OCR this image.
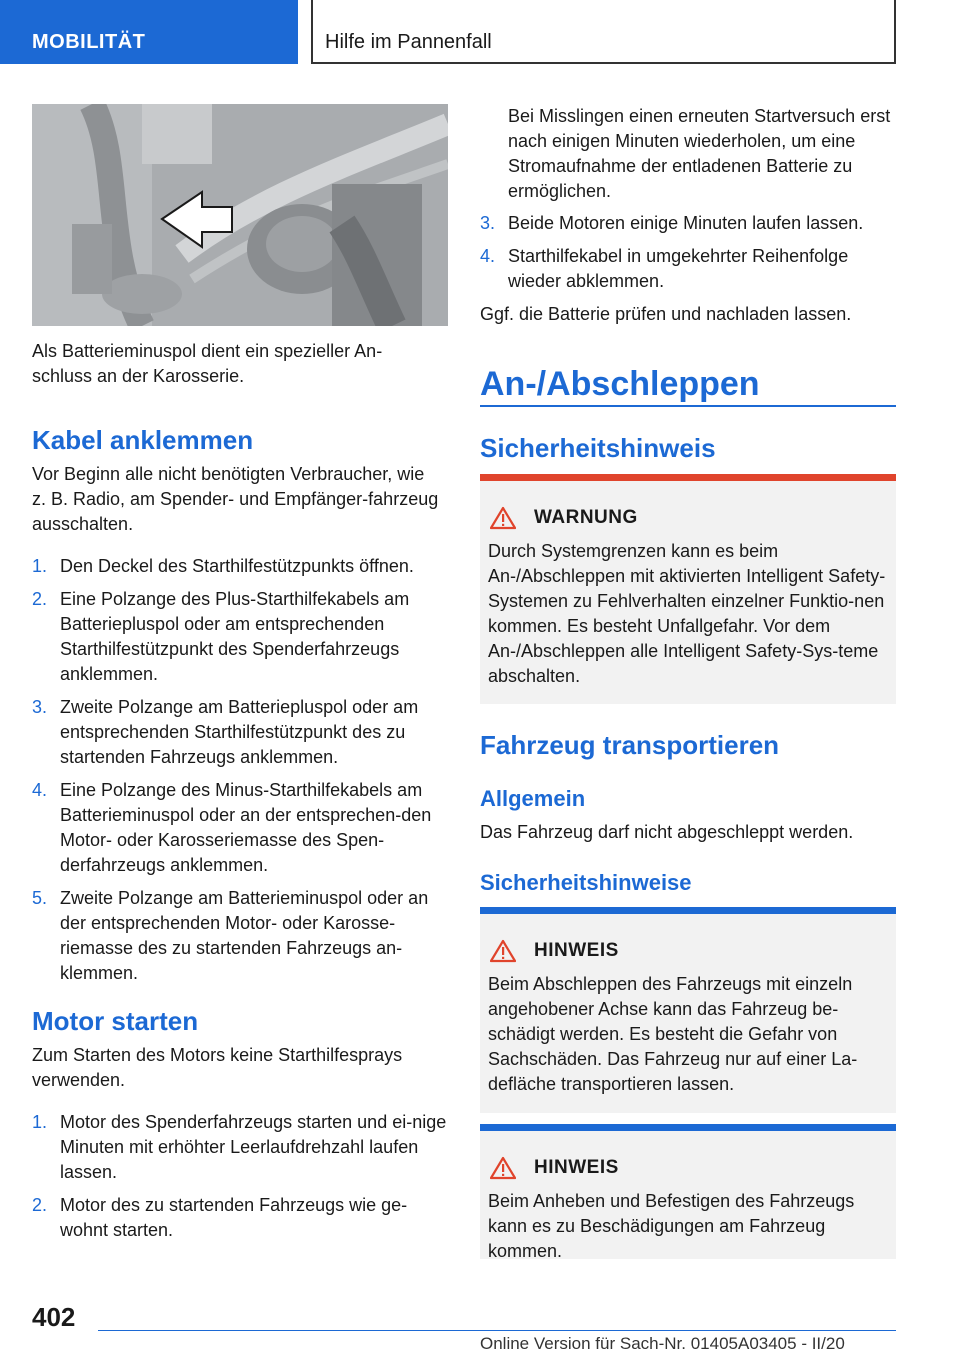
MOBILITÄT	Hilfe im Pannenfall
Als Batterieminuspol dient ein spezieller An-
schluss an der Karosserie.
Kabel anklemmen
Vor Beginn alle nicht benötigten Verbraucher, wie z. B. Radio, am Spender- und Empfänger-fahrzeug ausschalten.
1. Den Deckel des Starthilfestützpunkts öffnen.
2. Eine Polzange des Plus-Starthilfekabels am Batteriepluspol oder am entsprechenden Starthilfestützpunkt des Spenderfahrzeugs anklemmen.
3. Zweite Polzange am Batteriepluspol oder am entsprechenden Starthilfestützpunkt des zu startenden Fahrzeugs anklemmen.
4. Eine Polzange des Minus-Starthilfekabels am Batterieminuspol oder an der entsprechen-den Motor- oder Karosseriemasse des Spen-derfahrzeugs anklemmen.
5. Zweite Polzange am Batterieminuspol oder an der entsprechenden Motor- oder Karosse-riemasse des zu startenden Fahrzeugs an-klemmen.
Motor starten
Zum Starten des Motors keine Starthilfesprays verwenden.
1. Motor des Spenderfahrzeugs starten und ei-nige Minuten mit erhöhter Leerlaufdrehzahl laufen lassen.
2. Motor des zu startenden Fahrzeugs wie ge-wohnt starten.
Bei Misslingen einen erneuten Startversuch erst nach einigen Minuten wiederholen, um eine Stromaufnahme der entladenen Batterie zu ermöglichen.
3. Beide Motoren einige Minuten laufen lassen.
4. Starthilfekabel in umgekehrter Reihenfolge wieder abklemmen.
Ggf. die Batterie prüfen und nachladen lassen.
An-/Abschleppen
Sicherheitshinweis
WARNUNG
Durch Systemgrenzen kann es beim An-/Abschleppen mit aktivierten Intelligent Safety-Systemen zu Fehlverhalten einzelner Funktio-nen kommen. Es besteht Unfallgefahr. Vor dem An-/Abschleppen alle Intelligent Safety-Sys-teme abschalten.
Fahrzeug transportieren
Allgemein
Das Fahrzeug darf nicht abgeschleppt werden.
Sicherheitshinweise
HINWEIS
Beim Abschleppen des Fahrzeugs mit einzeln angehobener Achse kann das Fahrzeug be-schädigt werden. Es besteht die Gefahr von Sachschäden. Das Fahrzeug nur auf einer La-defläche transportieren lassen.
HINWEIS
Beim Anheben und Befestigen des Fahrzeugs kann es zu Beschädigungen am Fahrzeug kommen.
402
Online Version für Sach-Nr. 01405A03405 - II/20
